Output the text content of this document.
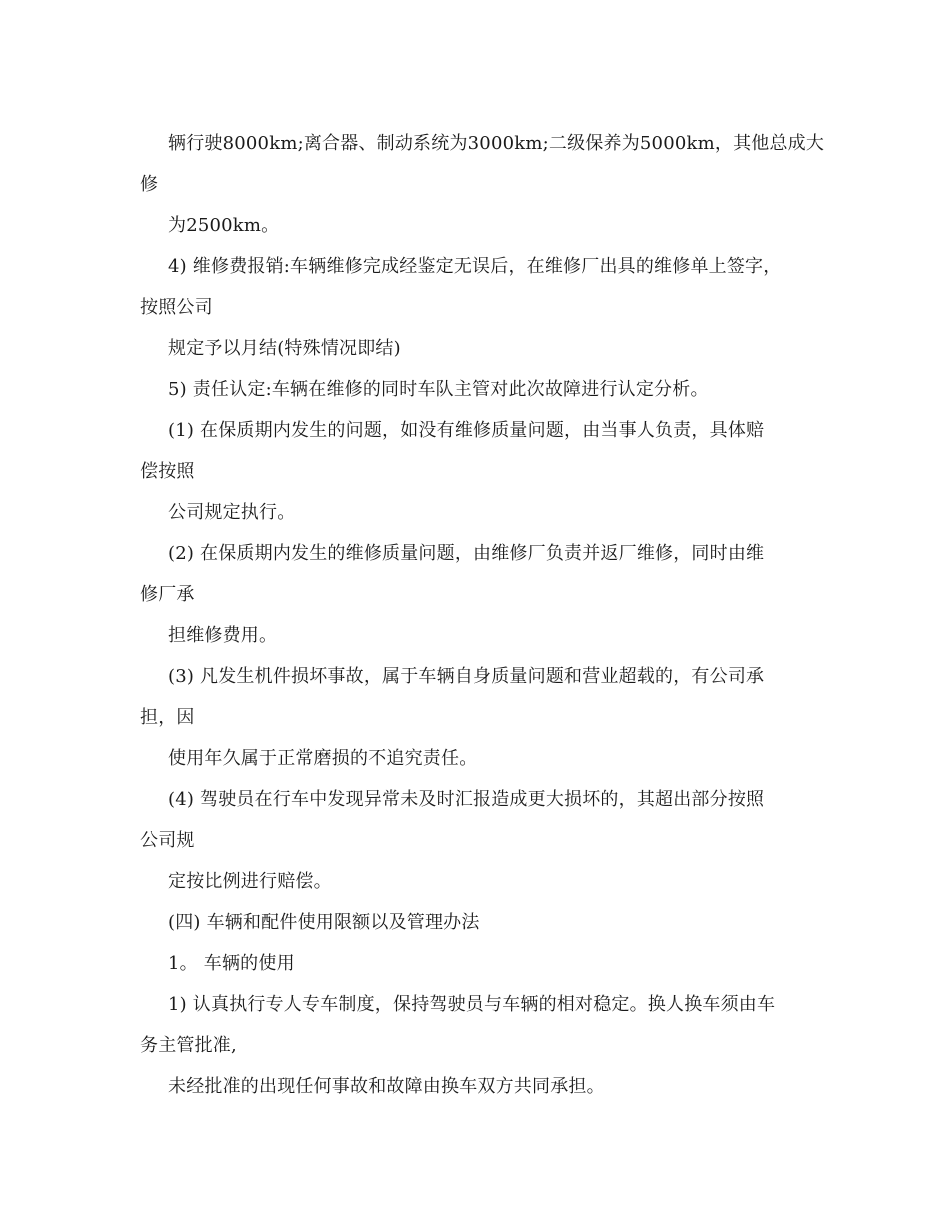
辆行驶8000km;离合器、制动系统为3000km;二级保养为5000km，其他总成大
修
为2500km。
4) 维修费报销:车辆维修完成经鉴定无误后，在维修厂出具的维修单上签字，
按照公司
规定予以月结(特殊情况即结)
5) 责任认定:车辆在维修的同时车队主管对此次故障进行认定分析。
(1) 在保质期内发生的问题，如没有维修质量问题，由当事人负责，具体赔
偿按照
公司规定执行。
(2) 在保质期内发生的维修质量问题，由维修厂负责并返厂维修，同时由维
修厂承
担维修费用。
(3) 凡发生机件损坏事故，属于车辆自身质量问题和营业超载的，有公司承
担，因
使用年久属于正常磨损的不追究责任。
(4) 驾驶员在行车中发现异常未及时汇报造成更大损坏的，其超出部分按照
公司规
定按比例进行赔偿。
(四) 车辆和配件使用限额以及管理办法
1。 车辆的使用
1) 认真执行专人专车制度，保持驾驶员与车辆的相对稳定。换人换车须由车
务主管批准,
未经批准的出现任何事故和故障由换车双方共同承担。
